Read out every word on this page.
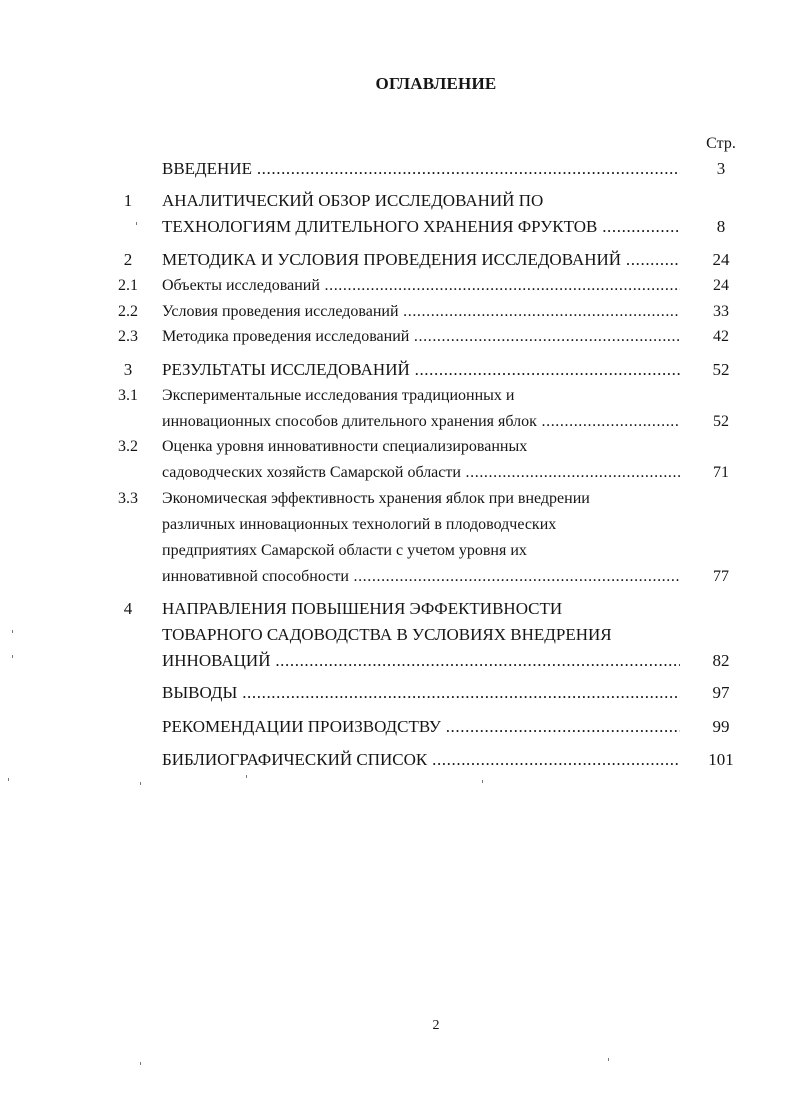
ОГЛАВЛЕНИЕ
Стр.
ВВЕДЕНИЕ .....	3
1	АНАЛИТИЧЕСКИЙ ОБЗОР ИССЛЕДОВАНИЙ ПО
ТЕХНОЛОГИЯМ ДЛИТЕЛЬНОГО ХРАНЕНИЯ ФРУКТОВ .....	8
2	МЕТОДИКА И УСЛОВИЯ ПРОВЕДЕНИЯ ИССЛЕДОВАНИЙ .....	24
2.1	Объекты исследований .....	24
2.2	Условия проведения исследований .....	33
2.3	Методика проведения исследований .....	42
3	РЕЗУЛЬТАТЫ ИССЛЕДОВАНИЙ .....	52
3.1	Экспериментальные исследования традиционных и
инновационных способов длительного хранения яблок .....	52
3.2	Оценка уровня инновативности специализированных
садоводческих хозяйств Самарской области .....	71
3.3	Экономическая эффективность хранения яблок при внедрении
различных инновационных технологий в плодоводческих
предприятиях Самарской области с учетом уровня их
инновативной способности .....	77
4	НАПРАВЛЕНИЯ ПОВЫШЕНИЯ ЭФФЕКТИВНОСТИ
ТОВАРНОГО САДОВОДСТВА В УСЛОВИЯХ ВНЕДРЕНИЯ
ИННОВАЦИЙ .....	82
ВЫВОДЫ .....	97
РЕКОМЕНДАЦИИ ПРОИЗВОДСТВУ .....	99
БИБЛИОГРАФИЧЕСКИЙ СПИСОК .....	101
2
